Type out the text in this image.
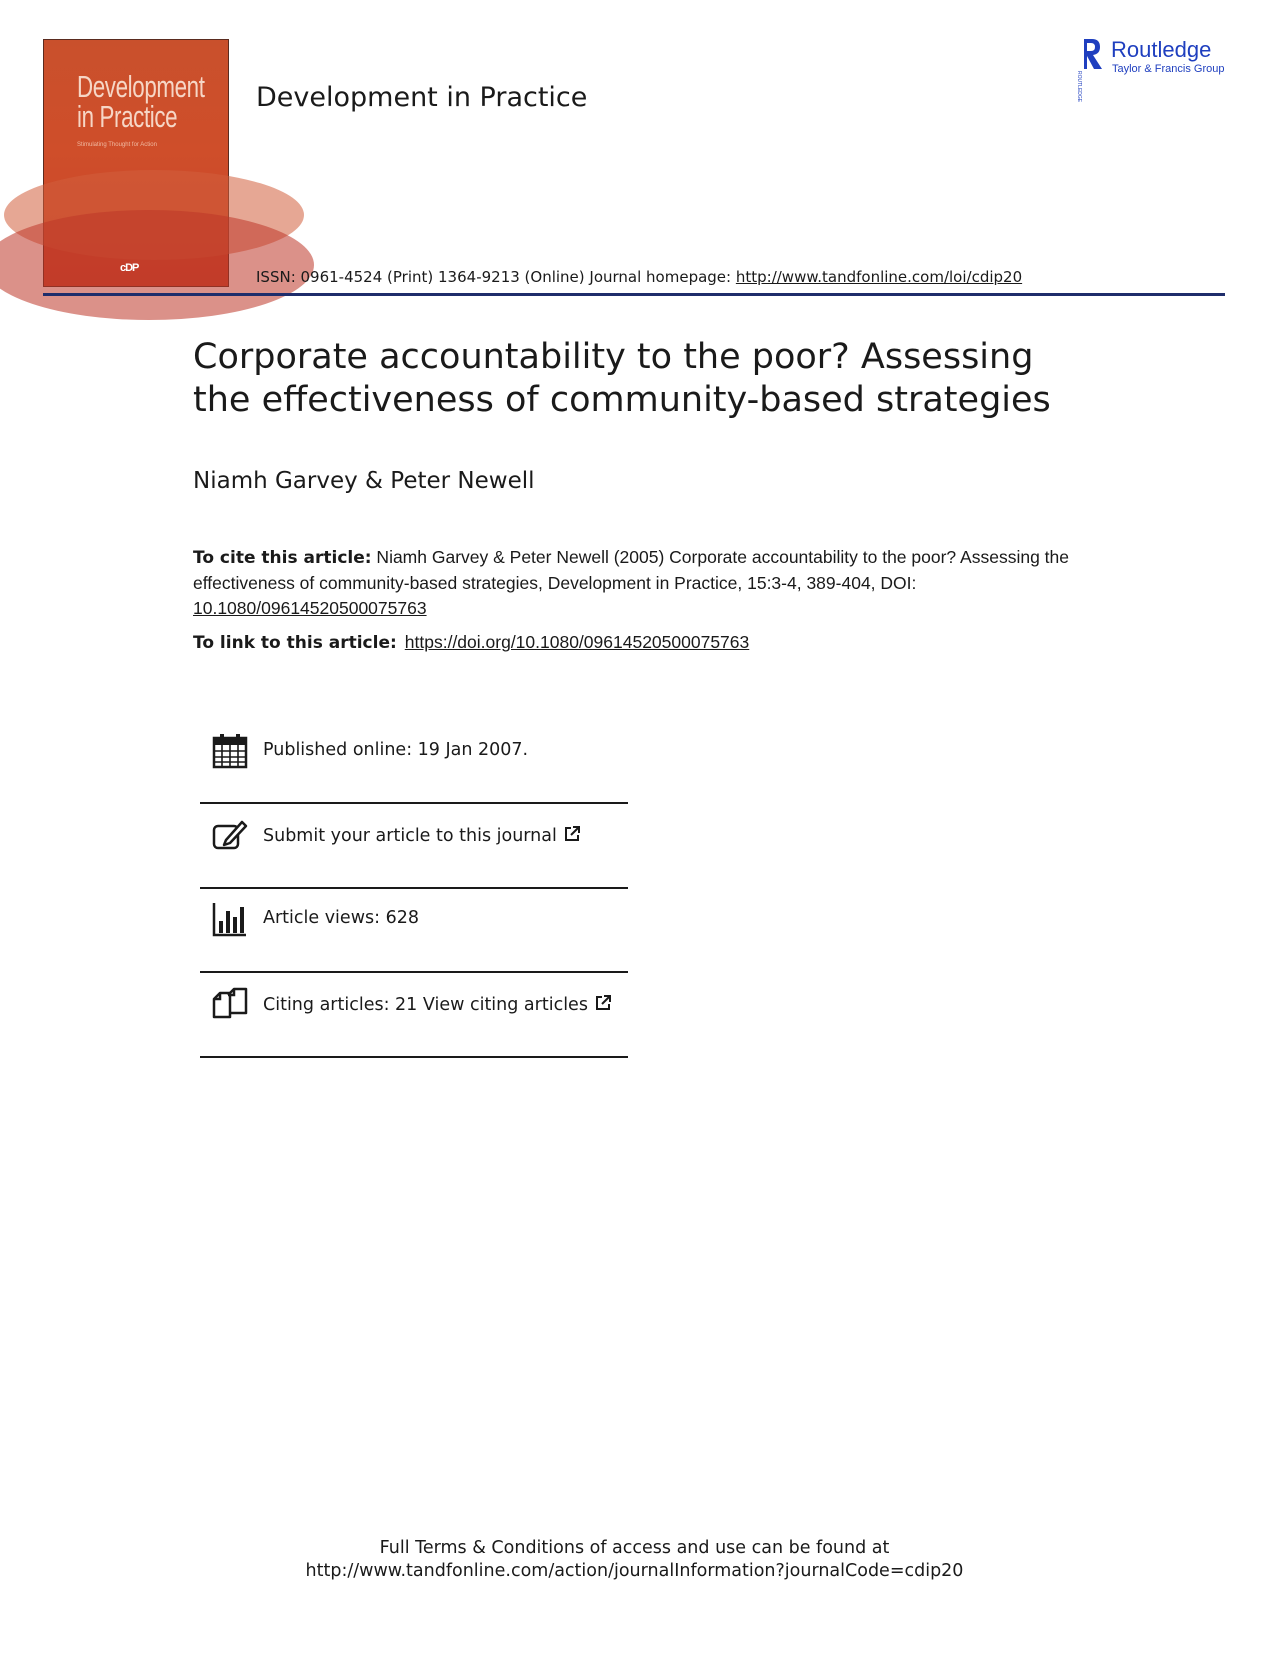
Development in Practice
Stimulating Thought for Action
cDP
Development in Practice
ISSN: 0961-4524 (Print) 1364-9213 (Online) Journal homepage: http://www.tandfonline.com/loi/cdip20
ROUTLEDGE
Routledge
Taylor & Francis Group
Corporate accountability to the poor? Assessing
the effectiveness of community-based strategies
Niamh Garvey & Peter Newell
To cite this article: Niamh Garvey & Peter Newell (2005) Corporate accountability to the poor? Assessing the effectiveness of community-based strategies, Development in Practice, 15:3-4, 389-404, DOI: 10.1080/09614520500075763
To link to this article: https://doi.org/10.1080/09614520500075763
Published online: 19 Jan 2007.
Submit your article to this journal
Article views: 628
Citing articles: 21 View citing articles
Full Terms & Conditions of access and use can be found at
http://www.tandfonline.com/action/journalInformation?journalCode=cdip20
